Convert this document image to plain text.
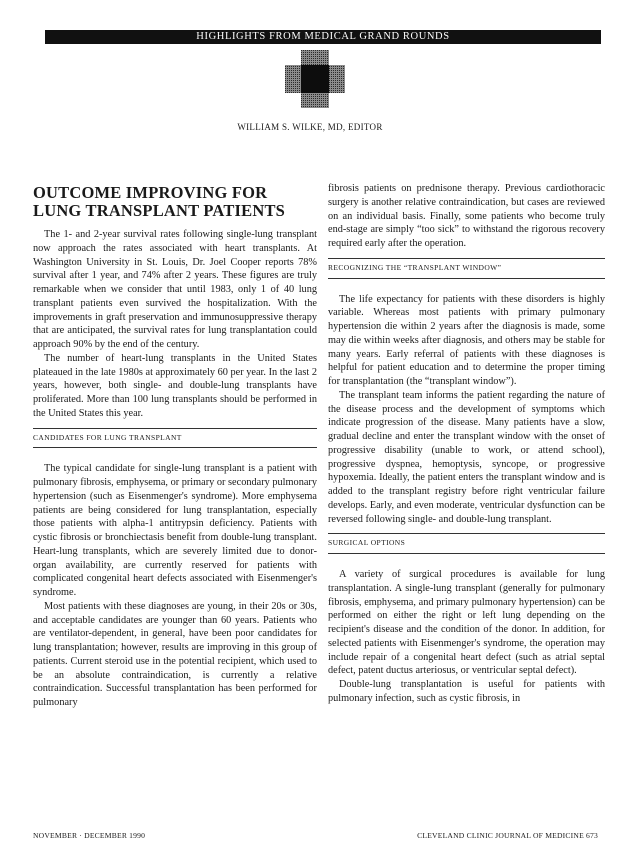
HIGHLIGHTS FROM MEDICAL GRAND ROUNDS
WILLIAM S. WILKE, MD, EDITOR
OUTCOME IMPROVING FOR LUNG TRANSPLANT PATIENTS

The 1- and 2-year survival rates following single-lung transplant now approach the rates associated with heart transplants. At Washington University in St. Louis, Dr. Joel Cooper reports 78% survival after 1 year, and 74% after 2 years. These figures are truly remarkable when we consider that until 1983, only 1 of 40 lung transplant patients even survived the hospitalization. With the improvements in graft preservation and immunosuppressive therapy that are anticipated, the survival rates for lung transplantation could approach 90% by the end of the century.

The number of heart-lung transplants in the United States plateaued in the late 1980s at approximately 60 per year. In the last 2 years, however, both single- and double-lung transplants have proliferated. More than 100 lung transplants should be performed in the United States this year.

CANDIDATES FOR LUNG TRANSPLANT

The typical candidate for single-lung transplant is a patient with pulmonary fibrosis, emphysema, or primary or secondary pulmonary hypertension (such as Eisenmenger's syndrome). More emphysema patients are being considered for lung transplantation, especially those patients with alpha-1 antitrypsin deficiency. Patients with cystic fibrosis or bronchiectasis benefit from double-lung transplant. Heart-lung transplants, which are severely limited due to donor-organ availability, are currently reserved for patients with complicated congenital heart defects associated with Eisenmenger's syndrome.

Most patients with these diagnoses are young, in their 20s or 30s, and acceptable candidates are younger than 60 years. Patients who are ventilator-dependent, in general, have been poor candidates for lung transplantation; however, results are improving in this group of patients. Current steroid use in the potential recipient, which used to be an absolute contraindication, is currently a relative contraindication. Successful transplantation has been performed for pulmonary

fibrosis patients on prednisone therapy. Previous cardiothoracic surgery is another relative contraindication, but cases are reviewed on an individual basis. Finally, some patients who become truly end-stage are simply “too sick” to withstand the rigorous recovery required early after the operation.

RECOGNIZING THE “TRANSPLANT WINDOW”

The life expectancy for patients with these disorders is highly variable. Whereas most patients with primary pulmonary hypertension die within 2 years after the diagnosis is made, some may die within weeks after diagnosis, and others may be stable for many years. Early referral of patients with these diagnoses is helpful for patient education and to determine the proper timing for transplantation (the “transplant window”).

The transplant team informs the patient regarding the nature of the disease process and the development of symptoms which indicate progression of the disease. Many patients have a slow, gradual decline and enter the transplant window with the onset of progressive disability (unable to work, or attend school), progressive dyspnea, hemoptysis, syncope, or progressive hypoxemia. Ideally, the patient enters the transplant window and is added to the transplant registry before right ventricular failure develops. Early, and even moderate, ventricular dysfunction can be reversed following single- and double-lung transplant.

SURGICAL OPTIONS

A variety of surgical procedures is available for lung transplantation. A single-lung transplant (generally for pulmonary fibrosis, emphysema, and primary pulmonary hypertension) can be performed on either the right or left lung depending on the recipient's disease and the condition of the donor. In addition, for selected patients with Eisenmenger's syndrome, the operation may include repair of a congenital heart defect (such as atrial septal defect, patent ductus arteriosus, or ventricular septal defect).

Double-lung transplantation is useful for patients with pulmonary infection, such as cystic fibrosis, in

NOVEMBER · DECEMBER 1990	CLEVELAND CLINIC JOURNAL OF MEDICINE 673
